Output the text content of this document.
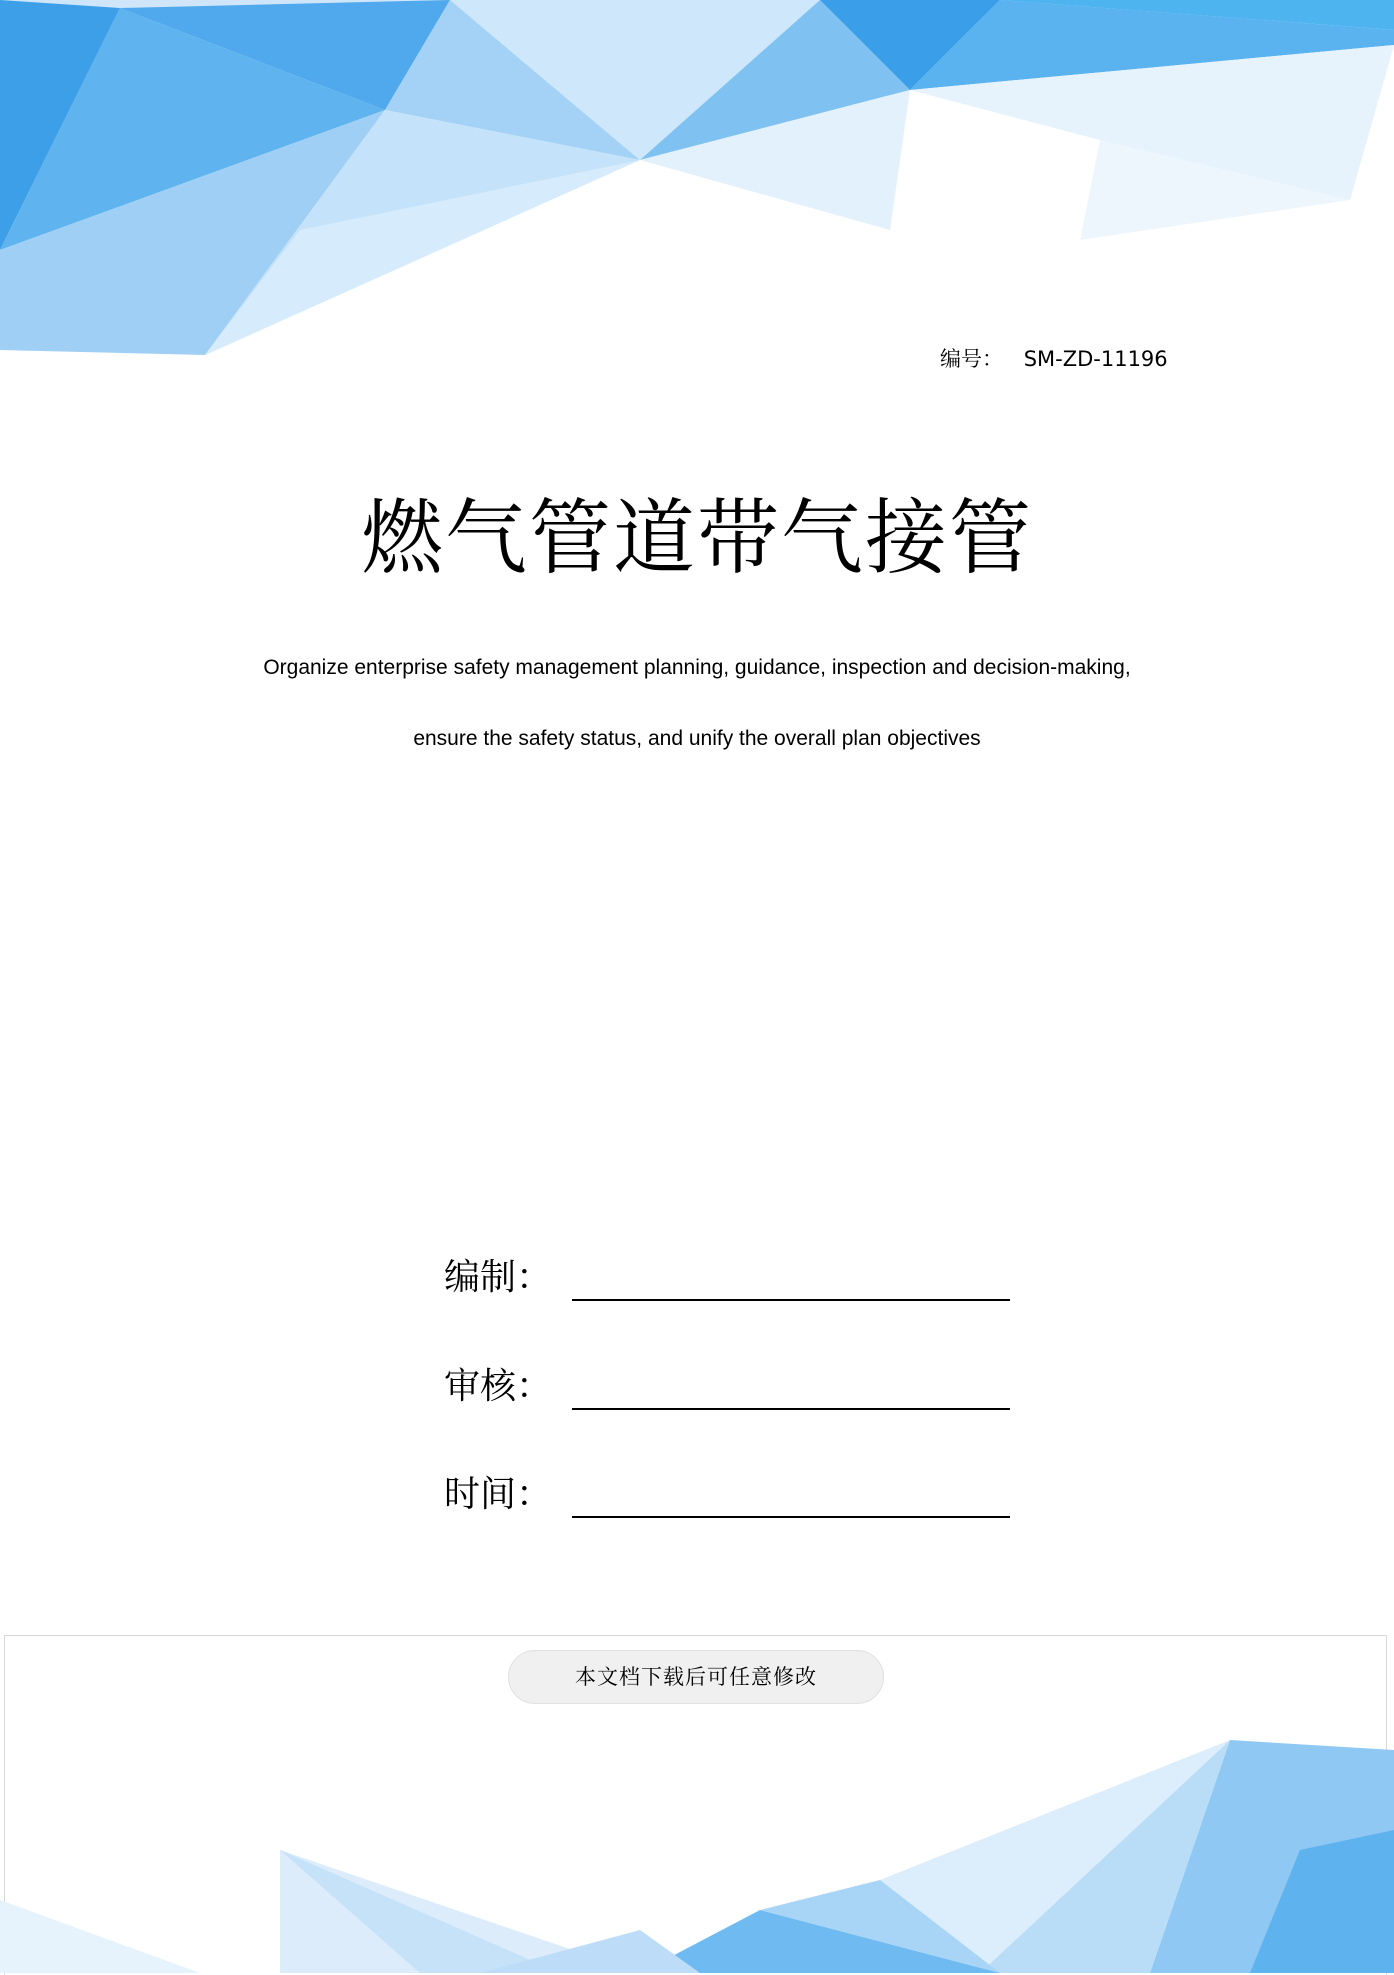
编号： SM-ZD-11196
燃气管道带气接管
Organize enterprise safety management planning, guidance, inspection and decision-making,
ensure the safety status, and unify the overall plan objectives
编制：
审核：
时间：
本文档下载后可任意修改
